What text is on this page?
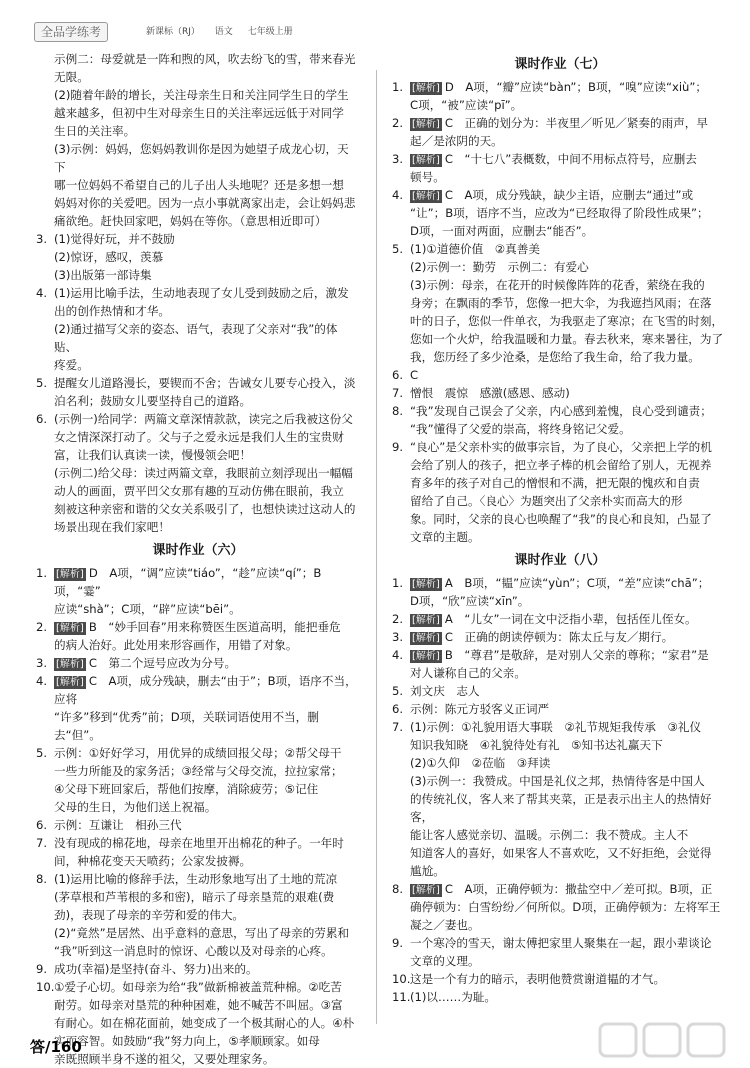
全品学练考	新课标（RJ） 语文 七年级上册
示例二：母爱就是一阵和煦的风，吹去纷飞的雪，带来春光
无限。
(2)随着年龄的增长，关注母亲生日和关注同学生日的学生
越来越多，但初中生对母亲生日的关注率远远低于对同学
生日的关注率。
(3)示例：妈妈，您妈妈教训你是因为她望子成龙心切，天下
哪一位妈妈不希望自己的儿子出人头地呢？还是多想一想
妈妈对你的关爱吧。因为一点小事就离家出走，会让妈妈悲
痛欲绝。赶快回家吧，妈妈在等你。（意思相近即可）
3. (1)觉得好玩，并不鼓励
(2)惊讶，感叹，羡慕
(3)出版第一部诗集
4. (1)运用比喻手法，生动地表现了女儿受到鼓励之后，激发
出的创作热情和才华。
(2)通过描写父亲的姿态、语气，表现了父亲对“我”的体贴、
疼爱。
5. 提醒女儿道路漫长，要锲而不舍；告诫女儿要专心投入，淡
泊名利；鼓励女儿要坚持自己的道路。
6. (示例一)给同学：两篇文章深情款款，读完之后我被这份父
女之情深深打动了。父与子之爱永远是我们人生的宝贵财
富，让我们认真读一读，慢慢领会吧！
(示例二)给父母：读过两篇文章，我眼前立刻浮现出一幅幅
动人的画面，贾平凹父女那有趣的互动仿佛在眼前，我立
刻被这种亲密和谐的父女关系吸引了，也想快读过这动人的
场景出现在我们家吧！
课时作业（六）
1. [解析] D　A项，“调”应读“tiáo”，“趁”应读“qí”；B项，“霎”
应读“shà”；C项，“辟”应读“bēi”。
2. [解析] B　“妙手回春”用来称赞医生医道高明，能把垂危
的病人治好。此处用来形容画作，用错了对象。
3. [解析] C　第二个逗号应改为分号。
4. [解析] C　A项，成分残缺，删去“由于”；B项，语序不当，应将
“许多”移到“优秀”前；D项，关联词语使用不当，删
去“但”。
5. 示例：①好好学习，用优异的成绩回报父母；②帮父母干
一些力所能及的家务活；③经常与父母交流，拉拉家常；
④父母下班回家后，帮他们按摩，消除疲劳；⑤记住
父母的生日，为他们送上祝福。
6. 示例：互谦让　相孙三代
7. 没有现成的棉花地，母亲在地里开出棉花的种子。一年时
间，种棉花变天天喷药；公家发披褥。
8. (1)运用比喻的修辞手法，生动形象地写出了土地的荒凉
(茅草根和芦苇根的多和密)，暗示了母亲垦荒的艰难(费
劲)，表现了母亲的辛劳和爱的伟大。
(2)“竟然”是居然、出乎意料的意思，写出了母亲的劳累和
“我”听到这一消息时的惊讶、心酸以及对母亲的心疼。
9. 成功(幸福)是坚持(奋斗、努力)出来的。
10. ①爱子心切。如母亲为给“我”做新棉被盖荒种棉。②吃苦
耐劳。如母亲对垦荒的种种困难，她不喊苦不叫屈。③富
有耐心。如在棉花面前，她变成了一个极其耐心的人。④朴
实而容智。如鼓励“我”努力向上，⑤孝顺顾家。如母
亲既照顾半身不遂的祖父，又要处理家务。
课时作业（七）
1. [解析] D　A项，“瓣”应读“bàn”；B项，“嗅”应读“xiù”；
C项，“被”应读“pī”。
2. [解析] C　正确的划分为：半夜里／听见／紧奏的雨声，早
起／是浓阴的天。
3. [解析] C　“十七八”表概数，中间不用标点符号，应删去
顿号。
4. [解析] C　A项，成分残缺，缺少主语，应删去“通过”或
“让”；B项，语序不当，应改为“已经取得了阶段性成果”；
D项，一面对两面，应删去“能否”。
5. (1)①道德价值　②真善美
(2)示例一：勤劳　示例二：有爱心
(3)示例：母亲，在花开的时候像阵阵的花香，萦绕在我的
身旁；在飘雨的季节，您像一把大伞，为我遮挡风雨；在落
叶的日子，您似一件单衣，为我驱走了寒凉；在飞雪的时刻，
您如一个火炉，给我温暖和力量。春去秋来，寒来暑往，为了
我，您历经了多少沧桑，是您给了我生命，给了我力量。
6. C
7. 憎恨　震惊　感激(感恩、感动)
8. “我”发现自己误会了父亲，内心感到羞愧，良心受到谴责；
“我”懂得了父爱的崇高，将终身铭记父爱。
9. “良心”是父亲朴实的做事宗旨，为了良心，父亲把上学的机
会给了别人的孩子，把立孝子棒的机会留给了别人，无视养
育多年的孩子对自己的憎恨和不满，把无限的愧疚和自责
留给了自己。〈良心〉为题突出了父亲朴实而高大的形
象。同时，父亲的良心也唤醒了“我”的良心和良知，凸显了
文章的主题。
课时作业（八）
1. [解析] A　B项，“韫”应读“yùn”；C项，“差”应读“chā”；
D项，“欣”应读“xīn”。
2. [解析] A　“儿女”一词在文中泛指小辈，包括侄儿侄女。
3. [解析] C　正确的朗读停顿为：陈太丘与友／期行。
4. [解析] B　“尊君”是敬辞，是对别人父亲的尊称；“家君”是
对人谦称自己的父亲。
5. 刘文庆　志人
6. 示例：陈元方驳客义正词严
7. (1)示例：①礼貌用语大事联　②礼节规矩我传承　③礼仪
知识我知晓　④礼貌待处有礼　⑤知书达礼赢天下
(2)①久仰　②莅临　③拜读
(3)示例一：我赞成。中国是礼仪之邦，热情待客是中国人
的传统礼仪，客人来了帮其夹菜，正是表示出主人的热情好客，
能让客人感觉亲切、温暖。示例二：我不赞成。主人不
知道客人的喜好，如果客人不喜欢吃，又不好拒绝，会觉得
尴尬。
8. [解析] C　A项，正确停顿为：撒盐空中／差可拟。B项，正
确停顿为：白雪纷纷／何所似。D项，正确停顿为：左将军王
凝之／妻也。
9. 一个寒冷的雪天，谢太傅把家里人聚集在一起，跟小辈谈论
文章的义理。
10. 这是一个有力的暗示，表明他赞赏谢道韫的才气。
11. (1)以……为耻。
答/160
